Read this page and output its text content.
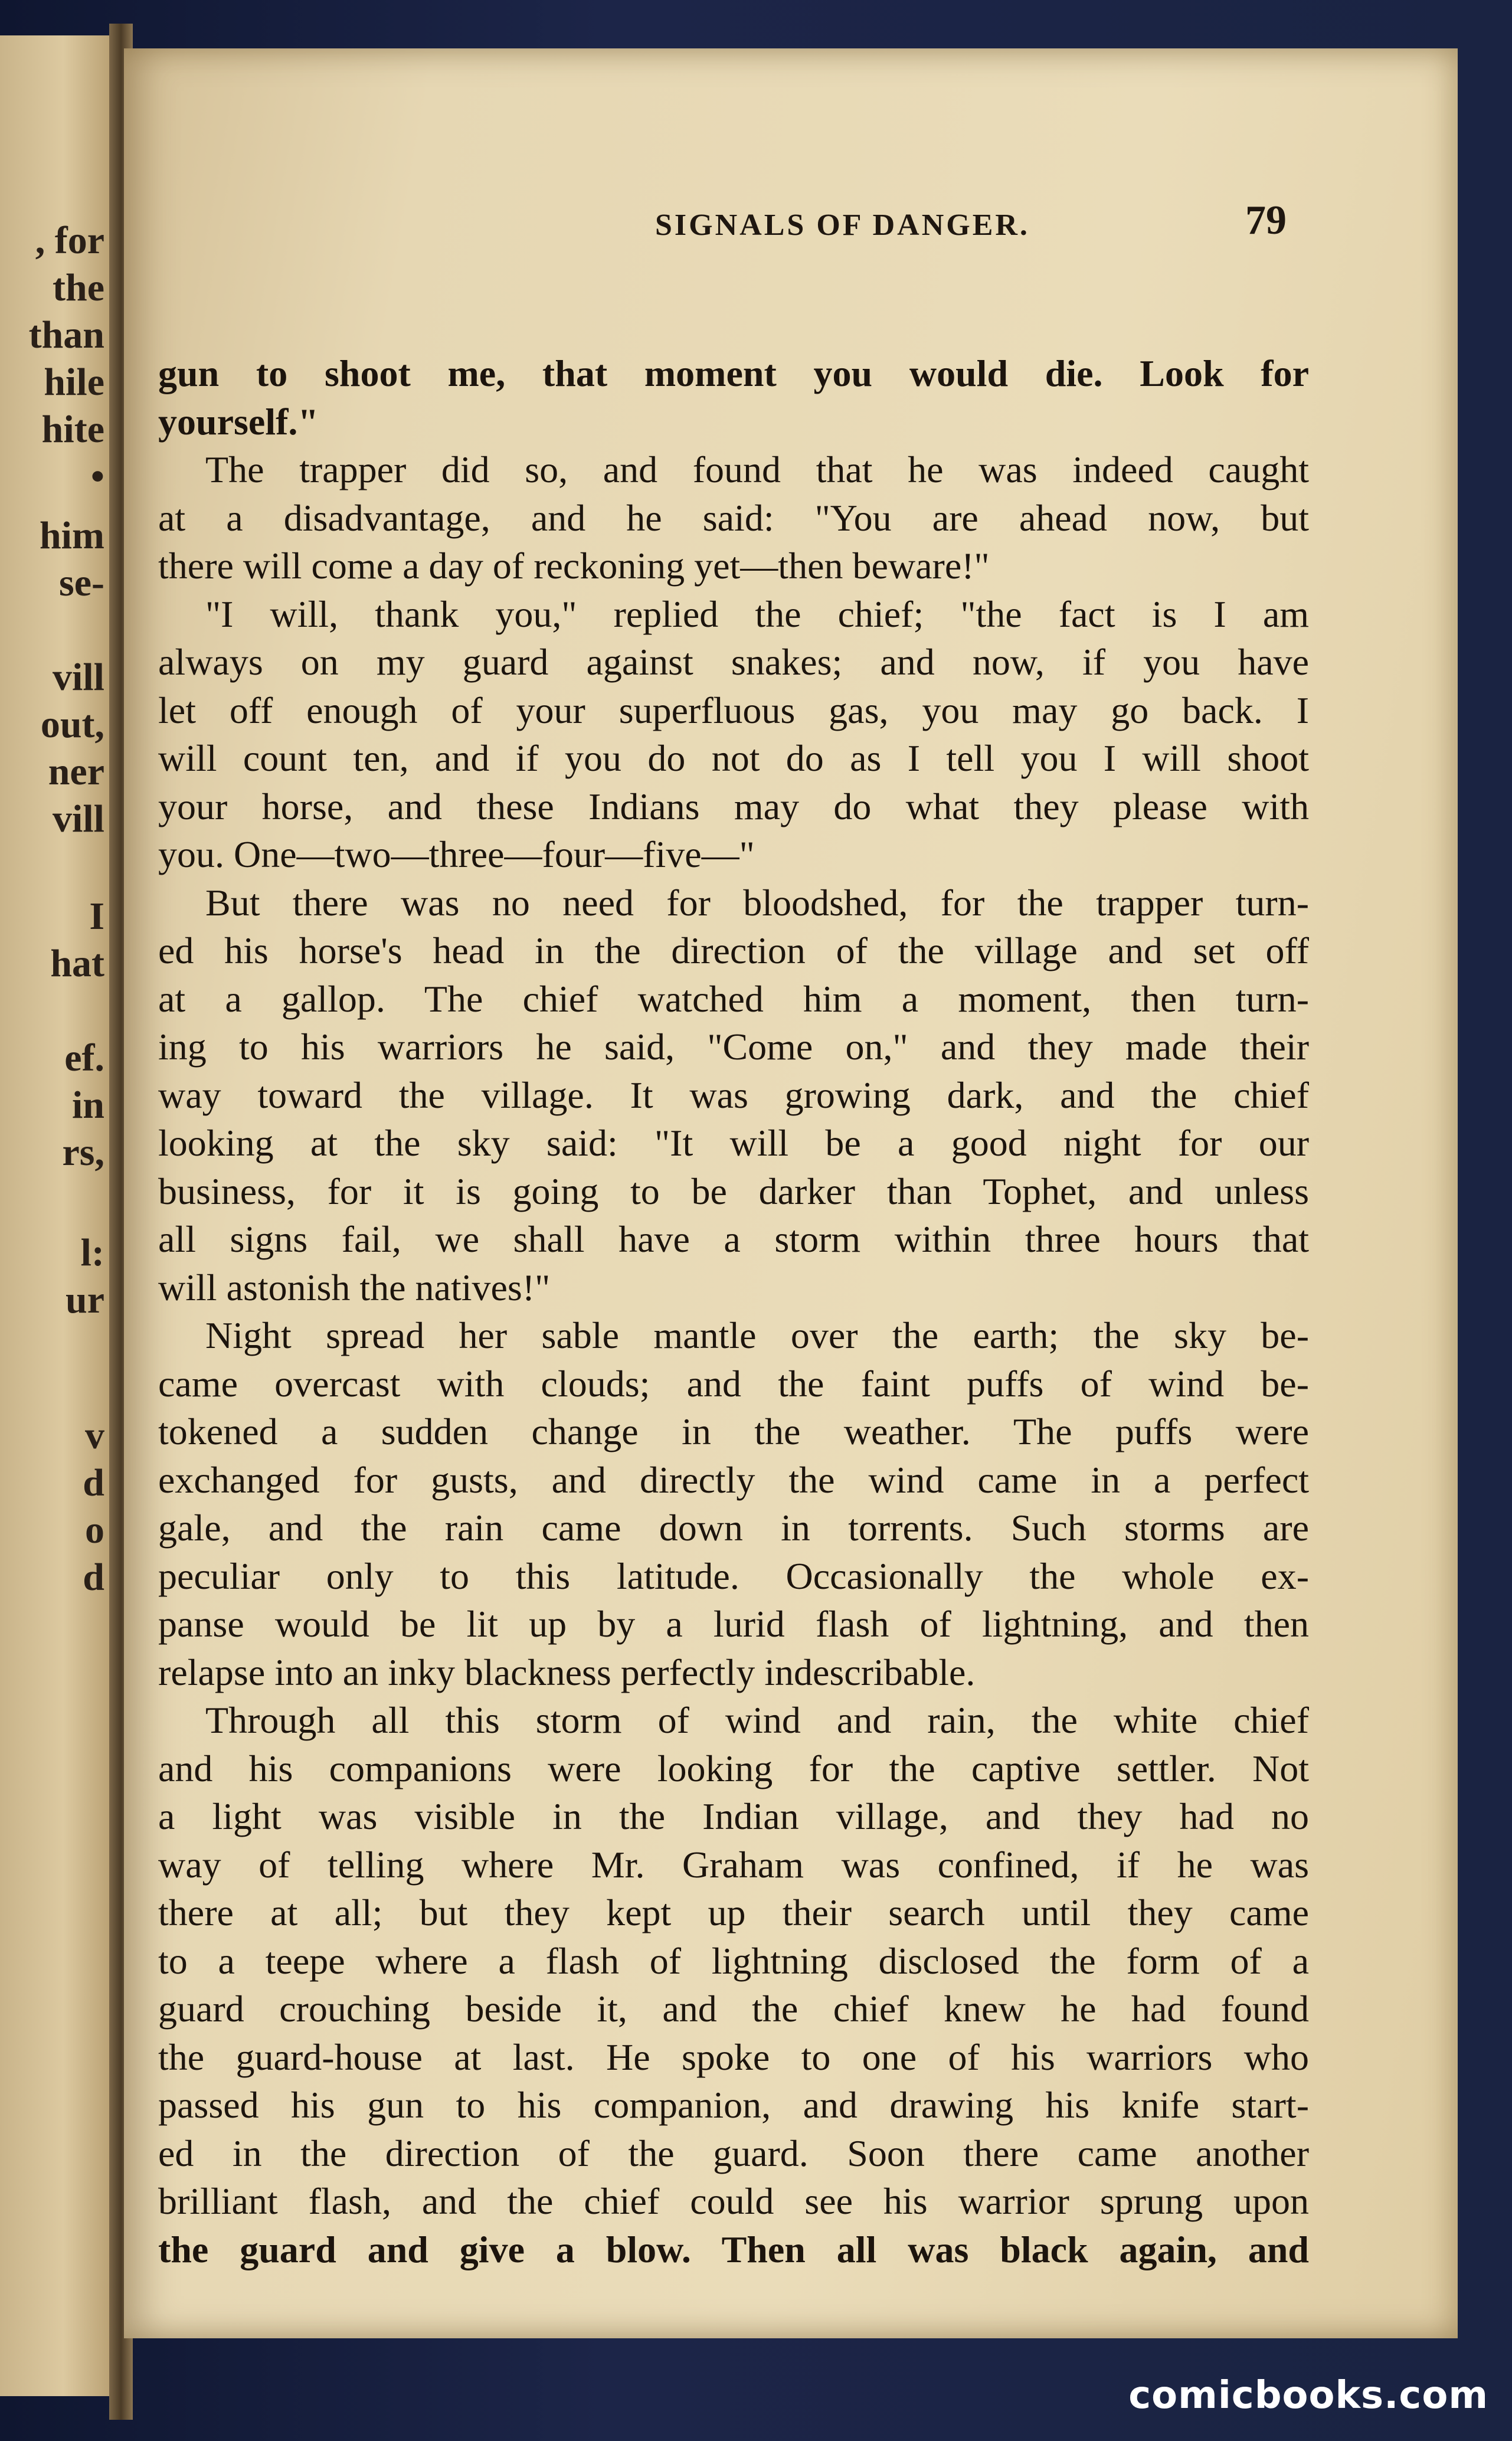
, for
the
than
hile
hite
•
him
se-
vill
out,
ner
vill
I
hat
ef.
in
rs,
l:
ur
v
d
o
d
SIGNALS OF DANGER.	79
gun to shoot me, that moment you would die. Look for
yourself."
The trapper did so, and found that he was indeed caught
at a disadvantage, and he said: "You are ahead now, but
there will come a day of reckoning yet—then beware!"
"I will, thank you," replied the chief; "the fact is I am
always on my guard against snakes; and now, if you have
let off enough of your superfluous gas, you may go back. I
will count ten, and if you do not do as I tell you I will shoot
your horse, and these Indians may do what they please with
you. One—two—three—four—five—"
But there was no need for bloodshed, for the trapper turn-
ed his horse's head in the direction of the village and set off
at a gallop. The chief watched him a moment, then turn-
ing to his warriors he said, "Come on," and they made their
way toward the village. It was growing dark, and the chief
looking at the sky said: "It will be a good night for our
business, for it is going to be darker than Tophet, and unless
all signs fail, we shall have a storm within three hours that
will astonish the natives!"
Night spread her sable mantle over the earth; the sky be-
came overcast with clouds; and the faint puffs of wind be-
tokened a sudden change in the weather. The puffs were
exchanged for gusts, and directly the wind came in a perfect
gale, and the rain came down in torrents. Such storms are
peculiar only to this latitude. Occasionally the whole ex-
panse would be lit up by a lurid flash of lightning, and then
relapse into an inky blackness perfectly indescribable.
Through all this storm of wind and rain, the white chief
and his companions were looking for the captive settler. Not
a light was visible in the Indian village, and they had no
way of telling where Mr. Graham was confined, if he was
there at all; but they kept up their search until they came
to a teepe where a flash of lightning disclosed the form of a
guard crouching beside it, and the chief knew he had found
the guard-house at last. He spoke to one of his warriors who
passed his gun to his companion, and drawing his knife start-
ed in the direction of the guard. Soon there came another
brilliant flash, and the chief could see his warrior sprung upon
the guard and give a blow. Then all was black again, and
comicbooks.com
